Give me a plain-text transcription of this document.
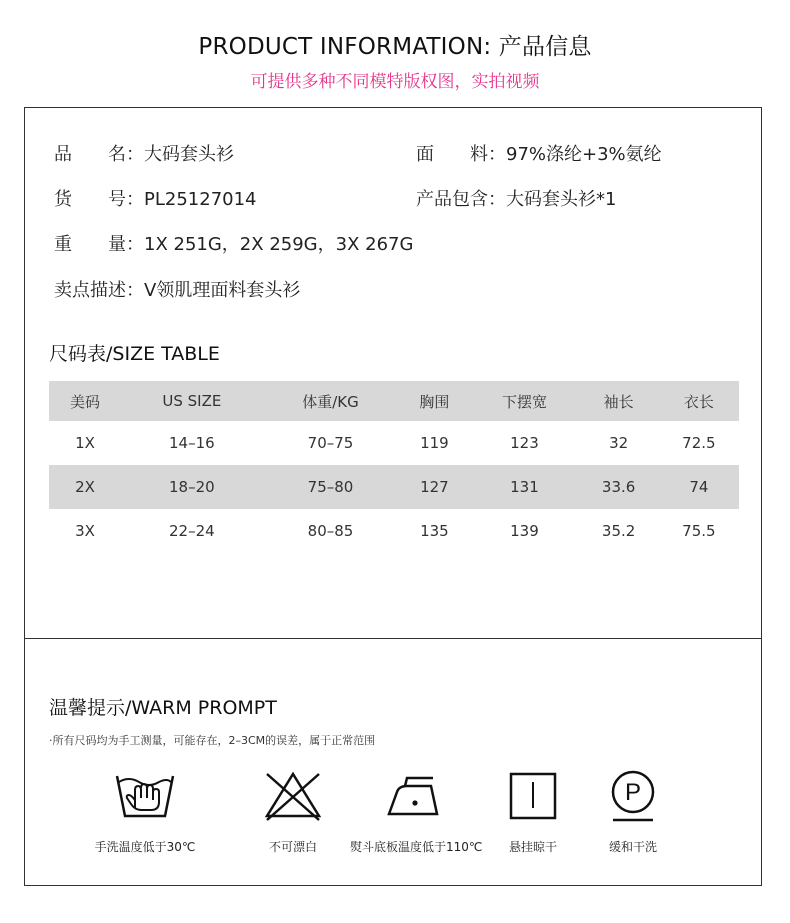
PRODUCT INFORMATION: 产品信息
可提供多种不同模特版权图，实拍视频
品　　名：大码套头衫	面　　料：97%涤纶+3%氨纶
货　　号：PL25127014	产品包含：大码套头衫*1
重　　量：1X 251G，2X 259G，3X 267G
卖点描述：V领肌理面料套头衫
尺码表/SIZE TABLE
美码	US SIZE	体重/KG	胸围	下摆宽	袖长	衣长
1X	14–16	70–75	119	123	32	72.5
2X	18–20	75–80	127	131	33.6	74
3X	22–24	80–85	135	139	35.2	75.5
温馨提示/WARM PROMPT
·所有尺码均为手工测量，可能存在，2–3CM的误差，属于正常范围
手洗温度低于30℃	不可漂白	熨斗底板温度低于110℃	悬挂晾干
P
缓和干洗
